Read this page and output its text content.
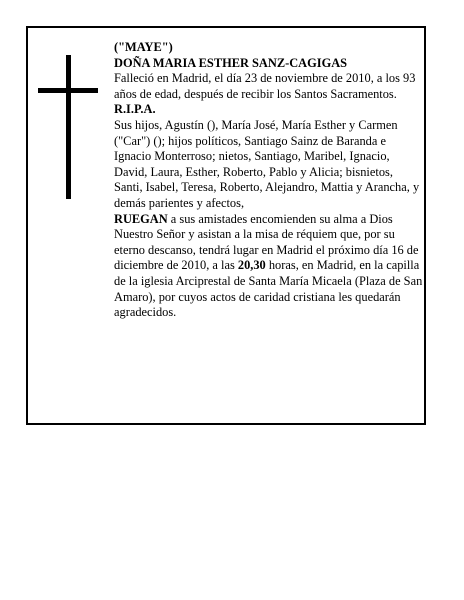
("MAYE")

DOÑA MARIA ESTHER SANZ-CAGIGAS

Falleció en Madrid, el día 23 de noviembre de 2010, a los 93 años de edad, después de recibir los Santos Sacramentos.

R.I.P.A.

Sus hijos, Agustín (), María José, María Esther y Carmen ("Car") (); hijos políticos, Santiago Sainz de Baranda e Ignacio Monterroso; nietos, Santiago, Maribel, Ignacio, David, Laura, Esther, Roberto, Pablo y Alicia; bisnietos, Santi, Isabel, Teresa, Roberto, Alejandro, Mattia y Arancha, y demás parientes y afectos,

RUEGAN a sus amistades encomienden su alma a Dios Nuestro Señor y asistan a la misa de réquiem que, por su eterno descanso, tendrá lugar en Madrid el próximo día 16 de diciembre de 2010, a las 20,30 horas, en Madrid, en la capilla de la iglesia Arciprestal de Santa María Micaela (Plaza de San Amaro), por cuyos actos de caridad cristiana les quedarán agradecidos.
